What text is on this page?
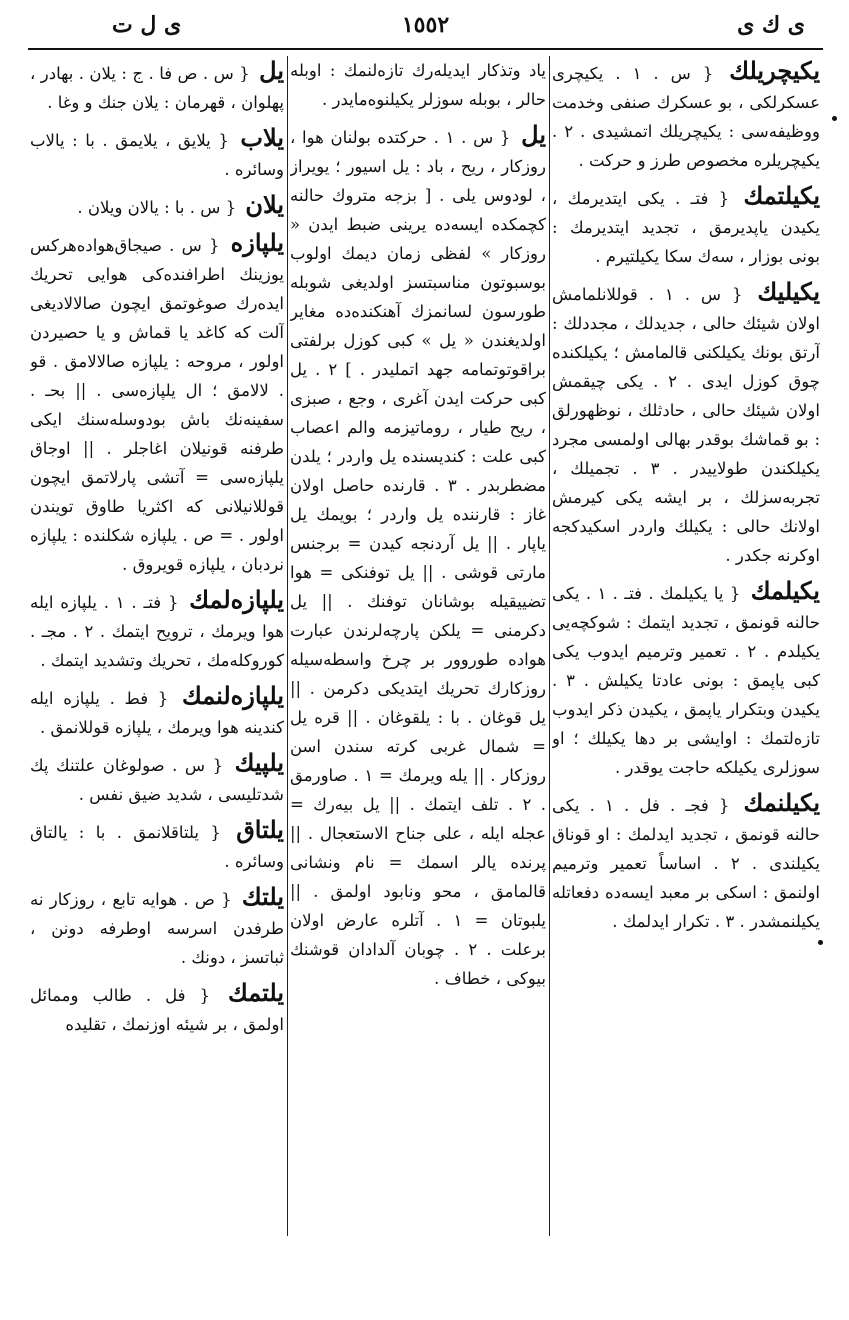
ی ك ی
١٥٥٢
ی ل ت
یكیچریلك { س . ١ . یكیچری عسكرلكی ، بو عسكرك صنفی وخدمت ووظیفه‌سی : یكیچریلك اتمشیدی . ٢ . یكیچریلره مخصوص طرز و حركت .
یكیلتمك { فتـ . یكی ایتدیرمك ، یكیدن یاپدیرمق ، تجدید ایتدیرمك : بونی بوزار ، سه‌ك سكا یكیلتیرم .
یكیلیك { س . ١ . قوللانلمامش اولان شیئك حالی ، جدیدلك ، مجددلك : آرتق بونك یكیلكنی قالمامش ؛ یكیلكنده چوق كوزل ایدی . ٢ . یكی چیقمش اولان شیئك حالی ، حادثلك ، نوظهورلق : بو قماشك بوقدر بهالی اولمسی مجرد یكیلكندن طولاییدر . ٣ . تجمیلك ، تجربه‌سزلك ، بر ایشه یكی كیرمش اولانك حالی : یكیلك واردر اسكیدكجه اوكرنه جكدر .
یكیلمك { یا یكیلمك . فتـ . ١ . یكی حالنه قونمق ، تجدید ایتمك : شوكچه‌یی یكیلدم . ٢ . تعمیر وترمیم ایدوب یكی كبی یاپمق : بونی عادتا یكیلش . ٣ . یكیدن وبتكرار یاپمق ، یكیدن ذكر ایدوب تازه‌لتمك : اوایشی بر دها یكیلك ؛ او سوزلری یكیلكه حاجت یوقدر .
یكیلنمك { فجـ . فل . ١ . یكی حالنه قونمق ، تجدید ایدلمك : او قوناق یكیلندی . ٢ . اساساً تعمیر وترمیم اولنمق : اسكی بر معبد ایسه‌ده دفعاتله یكیلنمشدر . ٣ . تكرار ایدلمك .
یاد وتذكار ایدیله‌رك تازه‌لنمك : اوبله حالر ، بوبله سوزلر یكیلنوه‌مایدر .
یل { س . ١ . حركتده بولنان هوا ، روزكار ، ریح ، باد : یل اسیور ؛ یویراز ، لودوس یلی . [ بزجه متروك حالنه كچمكده ایسه‌ده یرینی ضبط ایدن « روزكار » لفظی زمان دیمك اولوب بوسبوتون مناسبتسز اولدیغی شوبله طورسون لسانمزك آهنكنده‌ده مغایر اولدیغندن « یل » كبی كوزل برلفتی براقوتوتمامه جهد اتملیدر . ] ٢ . یل كبی حركت ایدن آغری ، وجع ، صبزی ، ریح طیار ، روماتیزمه والم اعصاب كبی علت : كندیسنده یل واردر ؛ یلدن مضطربدر . ٣ . قارنده حاصل اولان غاز : قارننده یل واردر ؛ بویمك یل یاپار . || یل آردنجه كیدن = برجنس مارتی قوشی . || یل توفنكی = هوا تضییقیله بوشانان توفنك . || یل دكرمنی = یلكن پارچه‌لرندن عبارت هواده طوروور بر چرخ واسطه‌سیله روزكارك تحریك ایتدیكی دكرمن . || یل قوغان . با : یلقوغان . || قره یل = شمال غربی كرته سندن اسن روزكار . || یله ویرمك = ١ . صاورمق . ٢ . تلف ایتمك . || یل بیه‌رك = عجله ایله ، علی جناح الاستعجال . || پرنده یالر اسمك = نام ونشانی قالمامق ، محو ونابود اولمق . || یلبوتان = ١ . آتلره عارض اولان برعلت . ٢ . چوبان آلدادان قوشنك بیوكی ، خطاف .
یل { س . ص فا . ج : یلان . بهادر ، پهلوان ، قهرمان : یلان جنك و وغا .
یلاب { یلایق ، یلایمق . با : یالاب وسائره .
یلان { س . با : یالان ویلان .
یلپازه { س . صیجاق‌هواده‌هركس یوزینك اطرافنده‌كی هوایی تحریك ایده‌رك صوغوتمق ایچون صالالادیغی آلت كه كاغد یا قماش و یا حصیردن اولور ، مروحه : یلپازه صالالامق . قو . لالامق ؛ ال یلپازه‌سی . || بحـ . سفینه‌نك باش بودوسله‌سنك ایكی طرفنه قونیلان اغاجلر . || اوجاق یلپازه‌سی = آتشی پارلاتمق ایچون قوللانیلانی كه اكثریا طاوق تویندن اولور . = ص . یلپازه شكلنده : یلپازه نردبان ، یلپازه قویروق .
یلپازه‌لمك { فتـ . ١ . یلپازه ایله هوا ویرمك ، ترویح ایتمك . ٢ . مجـ . كوروكله‌مك ، تحریك وتشدید ایتمك .
یلپازه‌لنمك { فط . یلپازه ایله كندینه هوا ویرمك ، یلپازه قوللانمق .
یلپیك { س . صولوغان علتنك پك شدتلیسی ، شدید ضیق نفس .
یلتاق { یلتاقلانمق . با : یالتاق وسائره .
یلتك { ص . هوایه تابع ، روزكار نه طرفدن اسرسه اوطرفه دونن ، ثباتسز ، دونك .
یلتمك { فل . طالب وممائل اولمق ، بر شیئه اوزنمك ، تقلیده
